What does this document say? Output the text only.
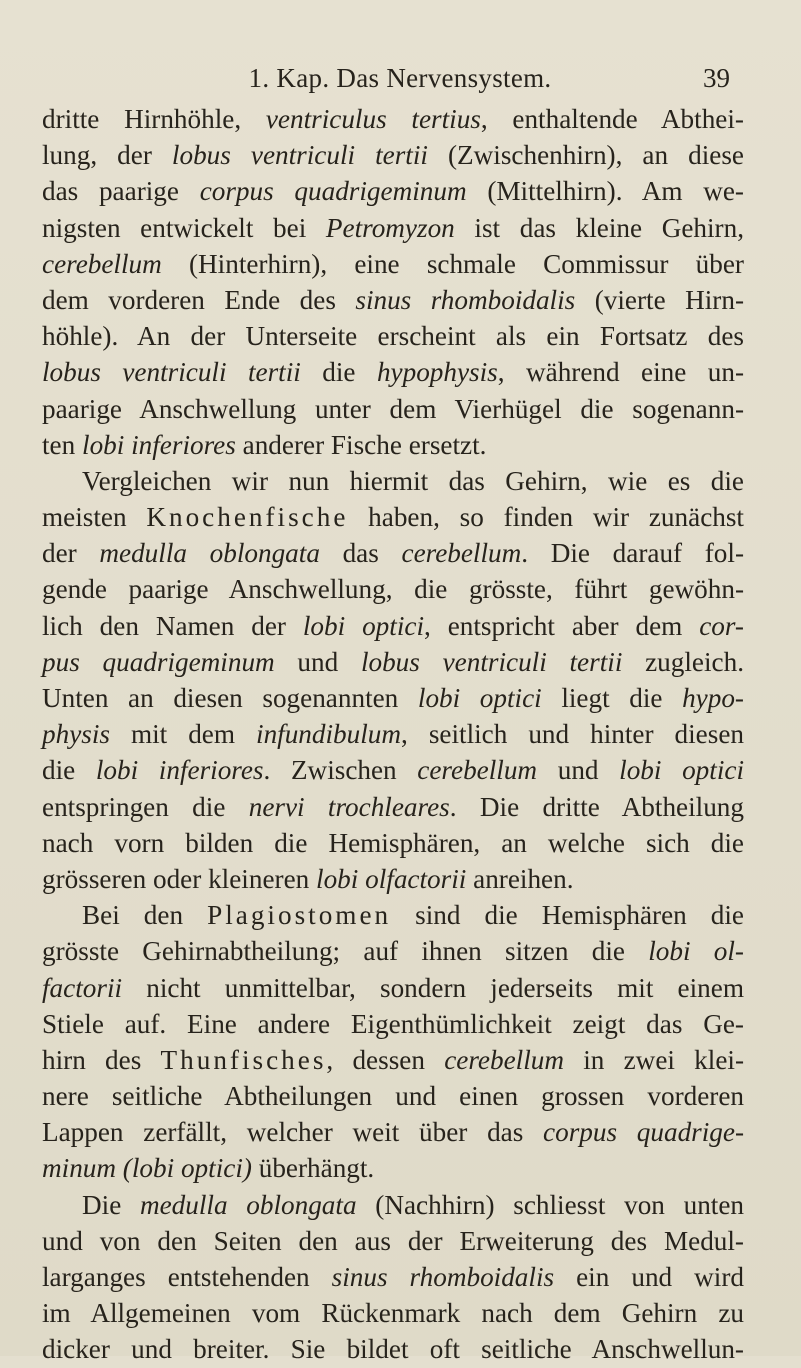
1. Kap. Das Nervensystem.	39
dritte Hirnhöhle, ventriculus tertius, enthaltende Abthei-
lung, der lobus ventriculi tertii (Zwischenhirn), an diese
das paarige corpus quadrigeminum (Mittelhirn). Am we-
nigsten entwickelt bei Petromyzon ist das kleine Gehirn,
cerebellum (Hinterhirn), eine schmale Commissur über
dem vorderen Ende des sinus rhomboidalis (vierte Hirn-
höhle). An der Unterseite erscheint als ein Fortsatz des
lobus ventriculi tertii die hypophysis, während eine un-
paarige Anschwellung unter dem Vierhügel die sogenann-
ten lobi inferiores anderer Fische ersetzt.
Vergleichen wir nun hiermit das Gehirn, wie es die
meisten Knochenfische haben, so finden wir zunächst
der medulla oblongata das cerebellum. Die darauf fol-
gende paarige Anschwellung, die grösste, führt gewöhn-
lich den Namen der lobi optici, entspricht aber dem cor-
pus quadrigeminum und lobus ventriculi tertii zugleich.
Unten an diesen sogenannten lobi optici liegt die hypo-
physis mit dem infundibulum, seitlich und hinter diesen
die lobi inferiores. Zwischen cerebellum und lobi optici
entspringen die nervi trochleares. Die dritte Abtheilung
nach vorn bilden die Hemisphären, an welche sich die
grösseren oder kleineren lobi olfactorii anreihen.
Bei den Plagiostomen sind die Hemisphären die
grösste Gehirnabtheilung; auf ihnen sitzen die lobi ol-
factorii nicht unmittelbar, sondern jederseits mit einem
Stiele auf. Eine andere Eigenthümlichkeit zeigt das Ge-
hirn des Thunfisches, dessen cerebellum in zwei klei-
nere seitliche Abtheilungen und einen grossen vorderen
Lappen zerfällt, welcher weit über das corpus quadrige-
minum (lobi optici) überhängt.
Die medulla oblongata (Nachhirn) schliesst von unten
und von den Seiten den aus der Erweiterung des Medul-
larganges entstehenden sinus rhomboidalis ein und wird
im Allgemeinen vom Rückenmark nach dem Gehirn zu
dicker und breiter. Sie bildet oft seitliche Anschwellun-
